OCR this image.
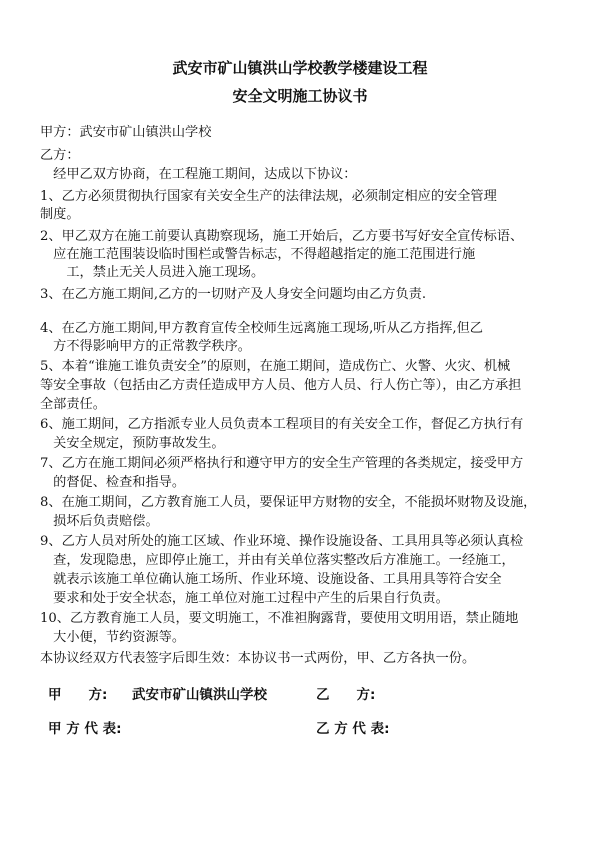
武安市矿山镇洪山学校教学楼建设工程
安全文明施工协议书
甲方：武安市矿山镇洪山学校
乙方：
　经甲乙双方协商，在工程施工期间，达成以下协议：
1、乙方必须贯彻执行国家有关安全生产的法律法规，必须制定相应的安全管理
制度。
2、甲乙双方在施工前要认真勘察现场，施工开始后，乙方要书写好安全宣传标语、
　应在施工范围装设临时围栏或警告标志，不得超越指定的施工范围进行施
　　工，禁止无关人员进入施工现场。
3、在乙方施工期间,乙方的一切财产及人身安全问题均由乙方负责.
4、在乙方施工期间,甲方教育宣传全校师生远离施工现场,听从乙方指挥,但乙
　方不得影响甲方的正常教学秩序。
5、本着“谁施工谁负责安全”的原则，在施工期间，造成伤亡、火警、火灾、机械
等安全事故（包括由乙方责任造成甲方人员、他方人员、行人伤亡等），由乙方承担
全部责任。
6、施工期间，乙方指派专业人员负责本工程项目的有关安全工作，督促乙方执行有
　关安全规定，预防事故发生。
7、乙方在施工期间必须严格执行和遵守甲方的安全生产管理的各类规定，接受甲方
　的督促、检查和指导。
8、在施工期间，乙方教育施工人员，要保证甲方财物的安全，不能损坏财物及设施，
　损坏后负责赔偿。
9、乙方人员对所处的施工区域、作业环境、操作设施设备、工具用具等必须认真检
　查，发现隐患，应即停止施工，并由有关单位落实整改后方准施工。一经施工，
　就表示该施工单位确认施工场所、作业环境、设施设备、工具用具等符合安全
　要求和处于安全状态，施工单位对施工过程中产生的后果自行负责。
10、乙方教育施工人员，要文明施工，不准袒胸露背，要使用文明用语，禁止随地
　大小便，节约资源等。
本协议经双方代表签字后即生效：本协议书一式两份，甲、乙方各执一份。
甲　　方: 武安市矿山镇洪山学校	乙　　方:
甲 方 代 表:	乙 方 代 表:
